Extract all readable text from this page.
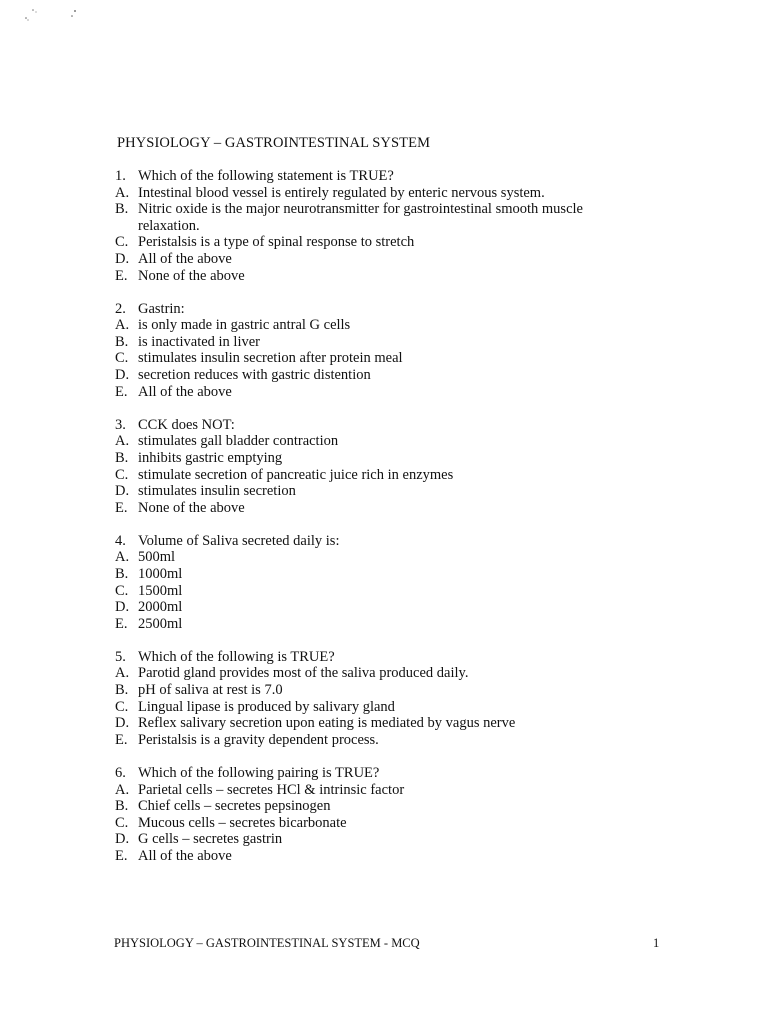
PHYSIOLOGY – GASTROINTESTINAL SYSTEM
1. Which of the following statement is TRUE?
A. Intestinal blood vessel is entirely regulated by enteric nervous system.
B. Nitric oxide is the major neurotransmitter for gastrointestinal smooth muscle relaxation.
C. Peristalsis is a type of spinal response to stretch
D. All of the above
E. None of the above
2. Gastrin:
A. is only made in gastric antral G cells
B. is inactivated in liver
C. stimulates insulin secretion after protein meal
D. secretion reduces with gastric distention
E. All of the above
3. CCK does NOT:
A. stimulates gall bladder contraction
B. inhibits gastric emptying
C. stimulate secretion of pancreatic juice rich in enzymes
D. stimulates insulin secretion
E. None of the above
4. Volume of Saliva secreted daily is:
A. 500ml
B. 1000ml
C. 1500ml
D. 2000ml
E. 2500ml
5. Which of the following is TRUE?
A. Parotid gland provides most of the saliva produced daily.
B. pH of saliva at rest is 7.0
C. Lingual lipase is produced by salivary gland
D. Reflex salivary secretion upon eating is mediated by vagus nerve
E. Peristalsis is a gravity dependent process.
6. Which of the following pairing is TRUE?
A. Parietal cells – secretes HCl & intrinsic factor
B. Chief cells – secretes pepsinogen
C. Mucous cells – secretes bicarbonate
D. G cells – secretes gastrin
E. All of the above
PHYSIOLOGY – GASTROINTESTINAL SYSTEM - MCQ	1
